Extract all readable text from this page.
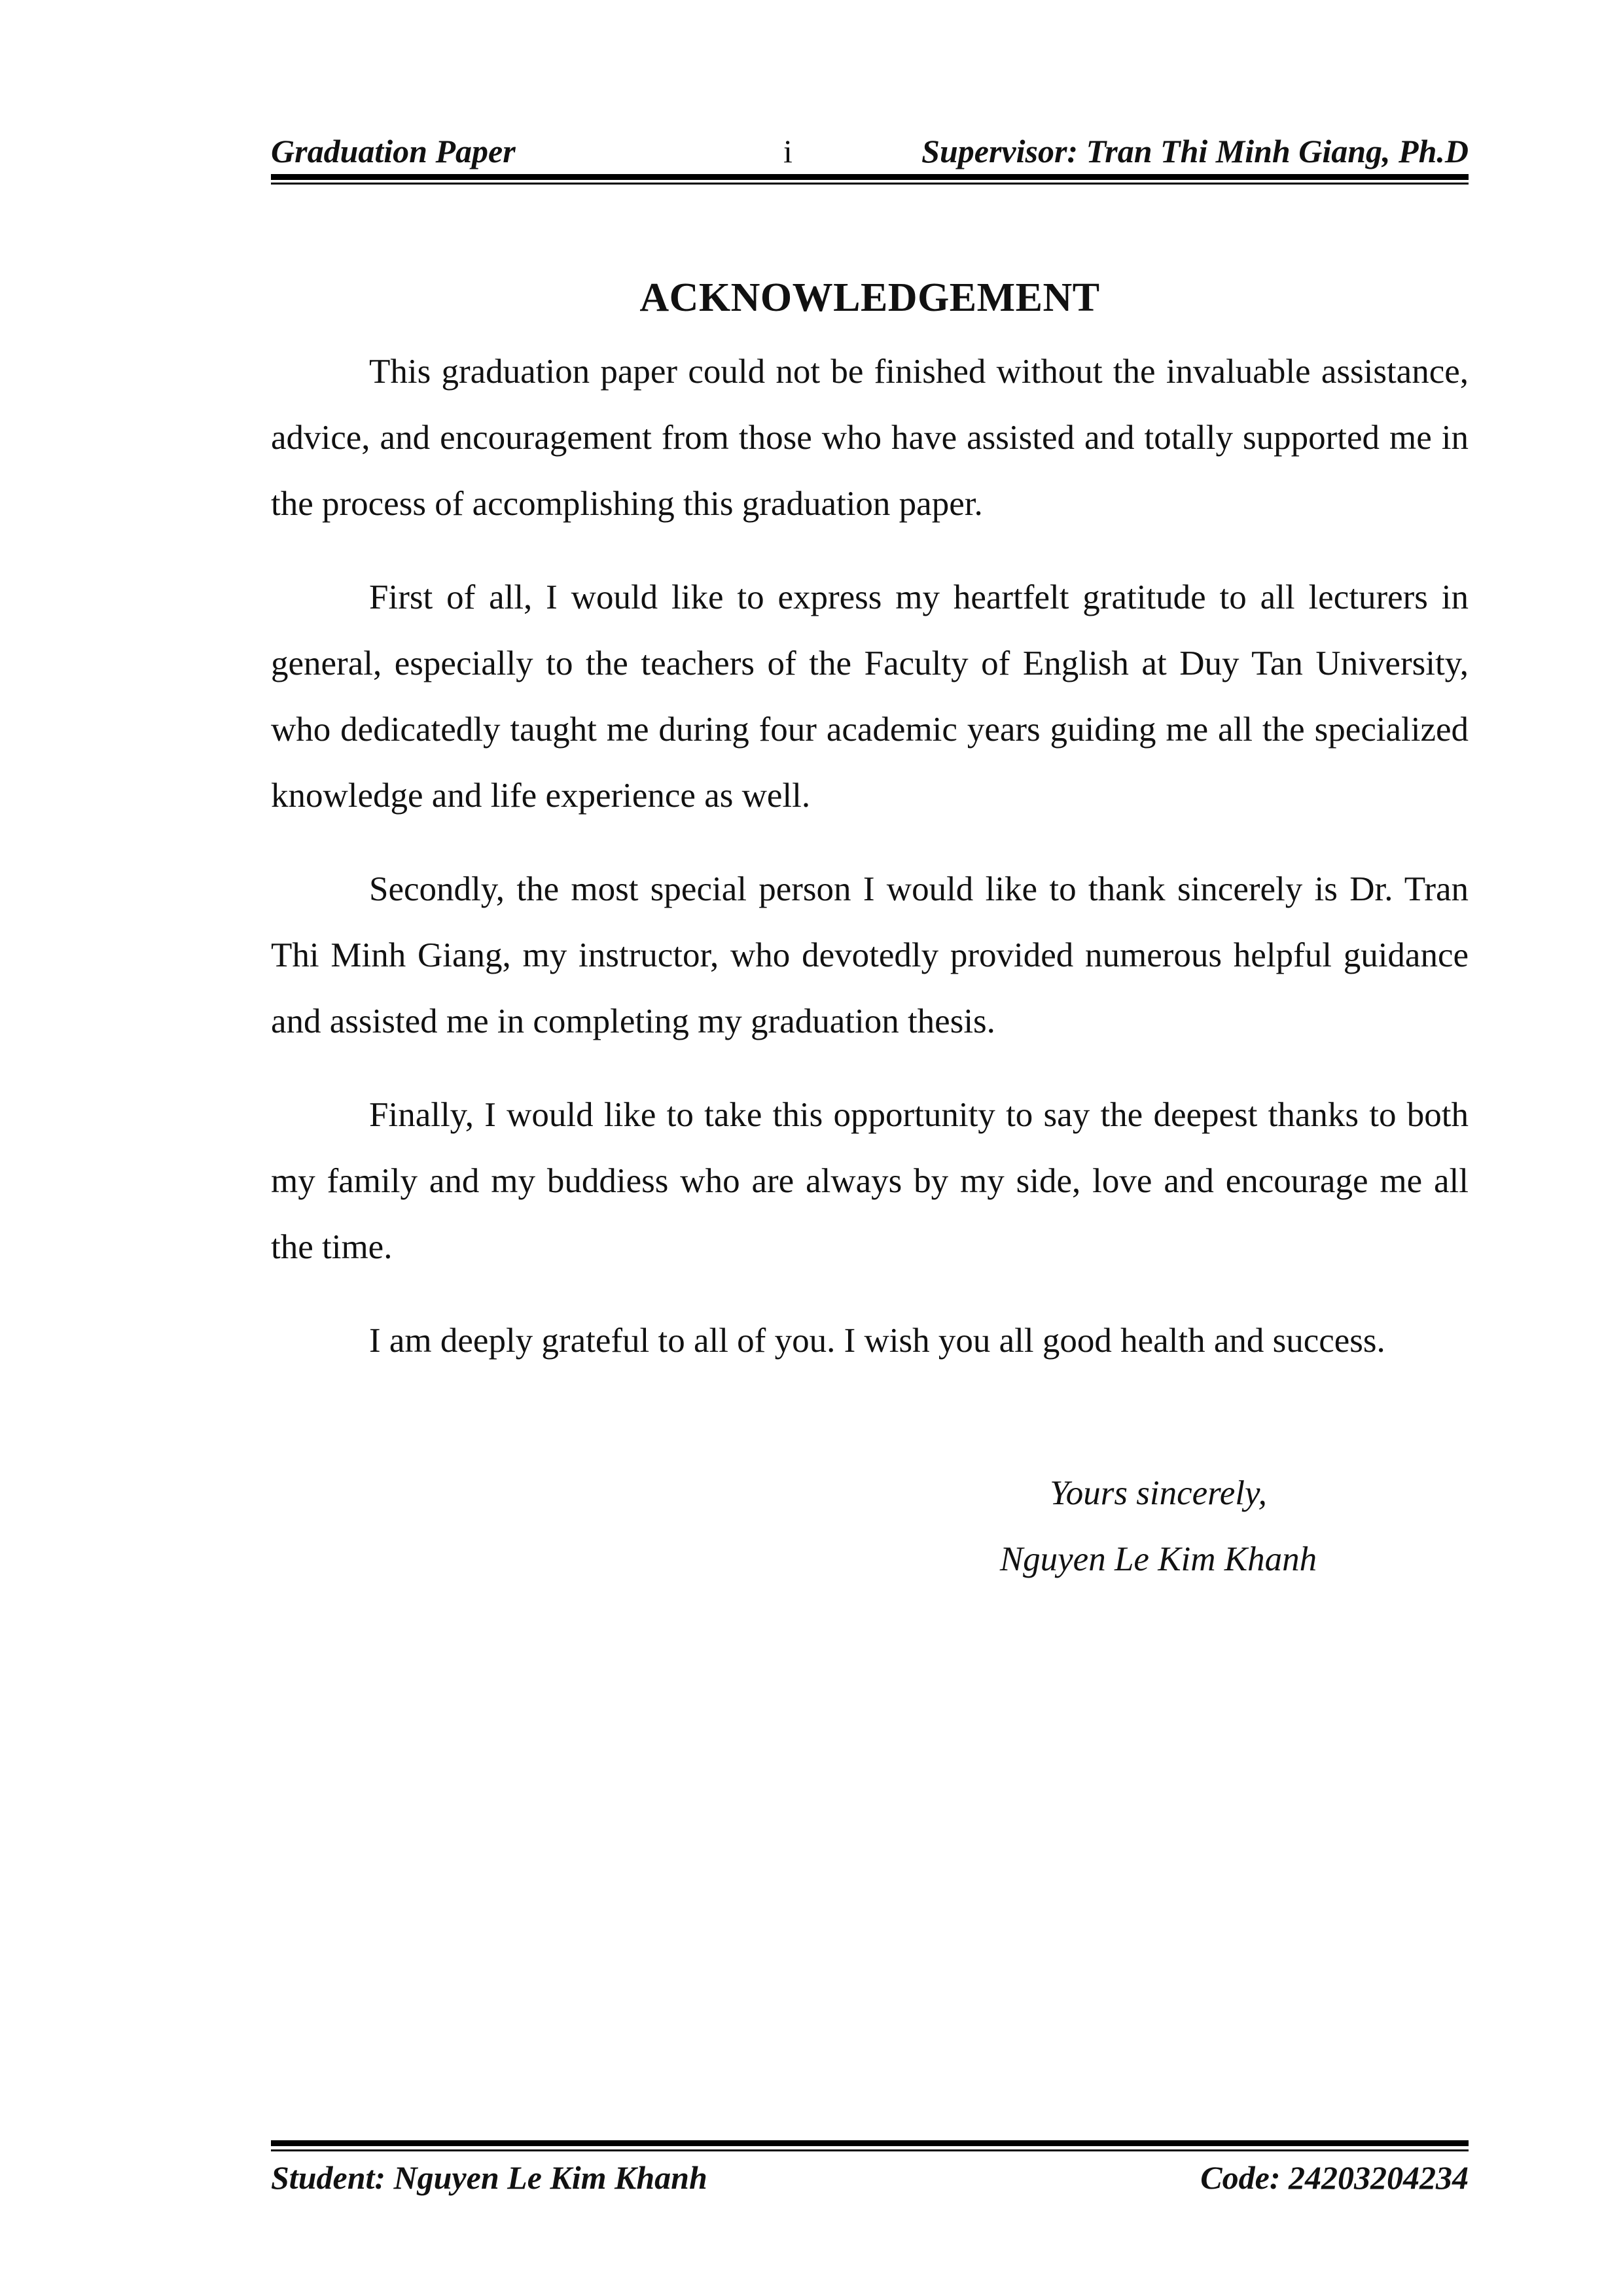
Graduation Paper	i	Supervisor: Tran Thi Minh Giang, Ph.D
ACKNOWLEDGEMENT

This graduation paper could not be finished without the invaluable assistance, advice, and encouragement from those who have assisted and totally supported me in the process of accomplishing this graduation paper.

First of all, I would like to express my heartfelt gratitude to all lecturers in general, especially to the teachers of the Faculty of English at Duy Tan University, who dedicatedly taught me during four academic years guiding me all the specialized knowledge and life experience as well.

Secondly, the most special person I would like to thank sincerely is Dr. Tran Thi Minh Giang, my instructor, who devotedly provided numerous helpful guidance and assisted me in completing my graduation thesis.

Finally, I would like to take this opportunity to say the deepest thanks to both my family and my buddiess who are always by my side, love and encourage me all the time.

I am deeply grateful to all of you. I wish you all good health and success.

Yours sincerely,
Nguyen Le Kim Khanh
Student: Nguyen Le Kim Khanh	Code: 24203204234
